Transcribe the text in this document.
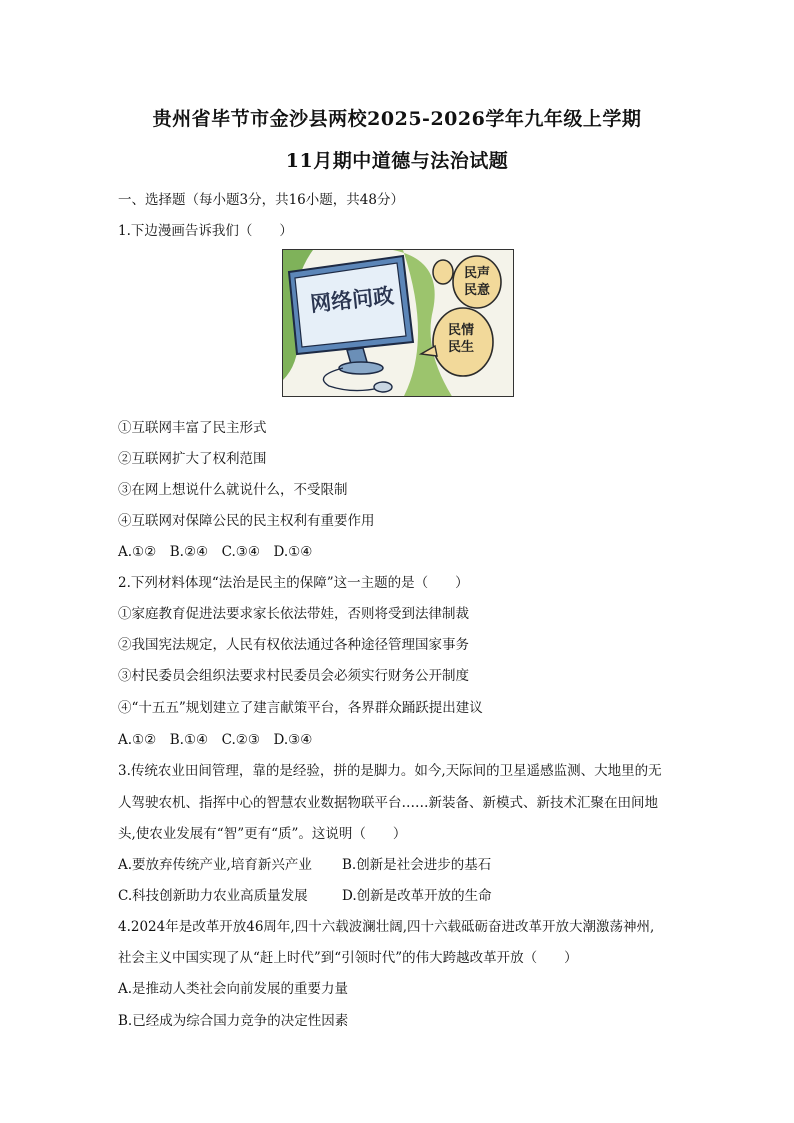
贵州省毕节市金沙县两校2025-2026学年九年级上学期
11月期中道德与法治试题
一、选择题（每小题3分，共16小题，共48分）
1.下边漫画告诉我们（　　）
网络问政
民声
民意
民情
民生
①互联网丰富了民主形式
②互联网扩大了权利范围
③在网上想说什么就说什么，不受限制
④互联网对保障公民的民主权利有重要作用
A.①②　B.②④　C.③④　D.①④
2.下列材料体现“法治是民主的保障”这一主题的是（　　）
①家庭教育促进法要求家长依法带娃，否则将受到法律制裁
②我国宪法规定，人民有权依法通过各种途径管理国家事务
③村民委员会组织法要求村民委员会必须实行财务公开制度
④“十五五”规划建立了建言献策平台，各界群众踊跃提出建议
A.①②　B.①④　C.②③　D.③④
3.传统农业田间管理，靠的是经验，拼的是脚力。如今,天际间的卫星遥感监测、大地里的无
人驾驶农机、指挥中心的智慧农业数据物联平台……新装备、新模式、新技术汇聚在田间地
头,使农业发展有“智”更有“质”。这说明（　　）
A.要放弃传统产业,培育新兴产业 B.创新是社会进步的基石
C.科技创新助力农业高质量发展	D.创新是改革开放的生命
4.2024年是改革开放46周年,四十六载波澜壮阔,四十六载砥砺奋进改革开放大潮激荡神州,
社会主义中国实现了从“赶上时代”到“引领时代”的伟大跨越改革开放（　　）
A.是推动人类社会向前发展的重要力量
B.已经成为综合国力竞争的决定性因素
